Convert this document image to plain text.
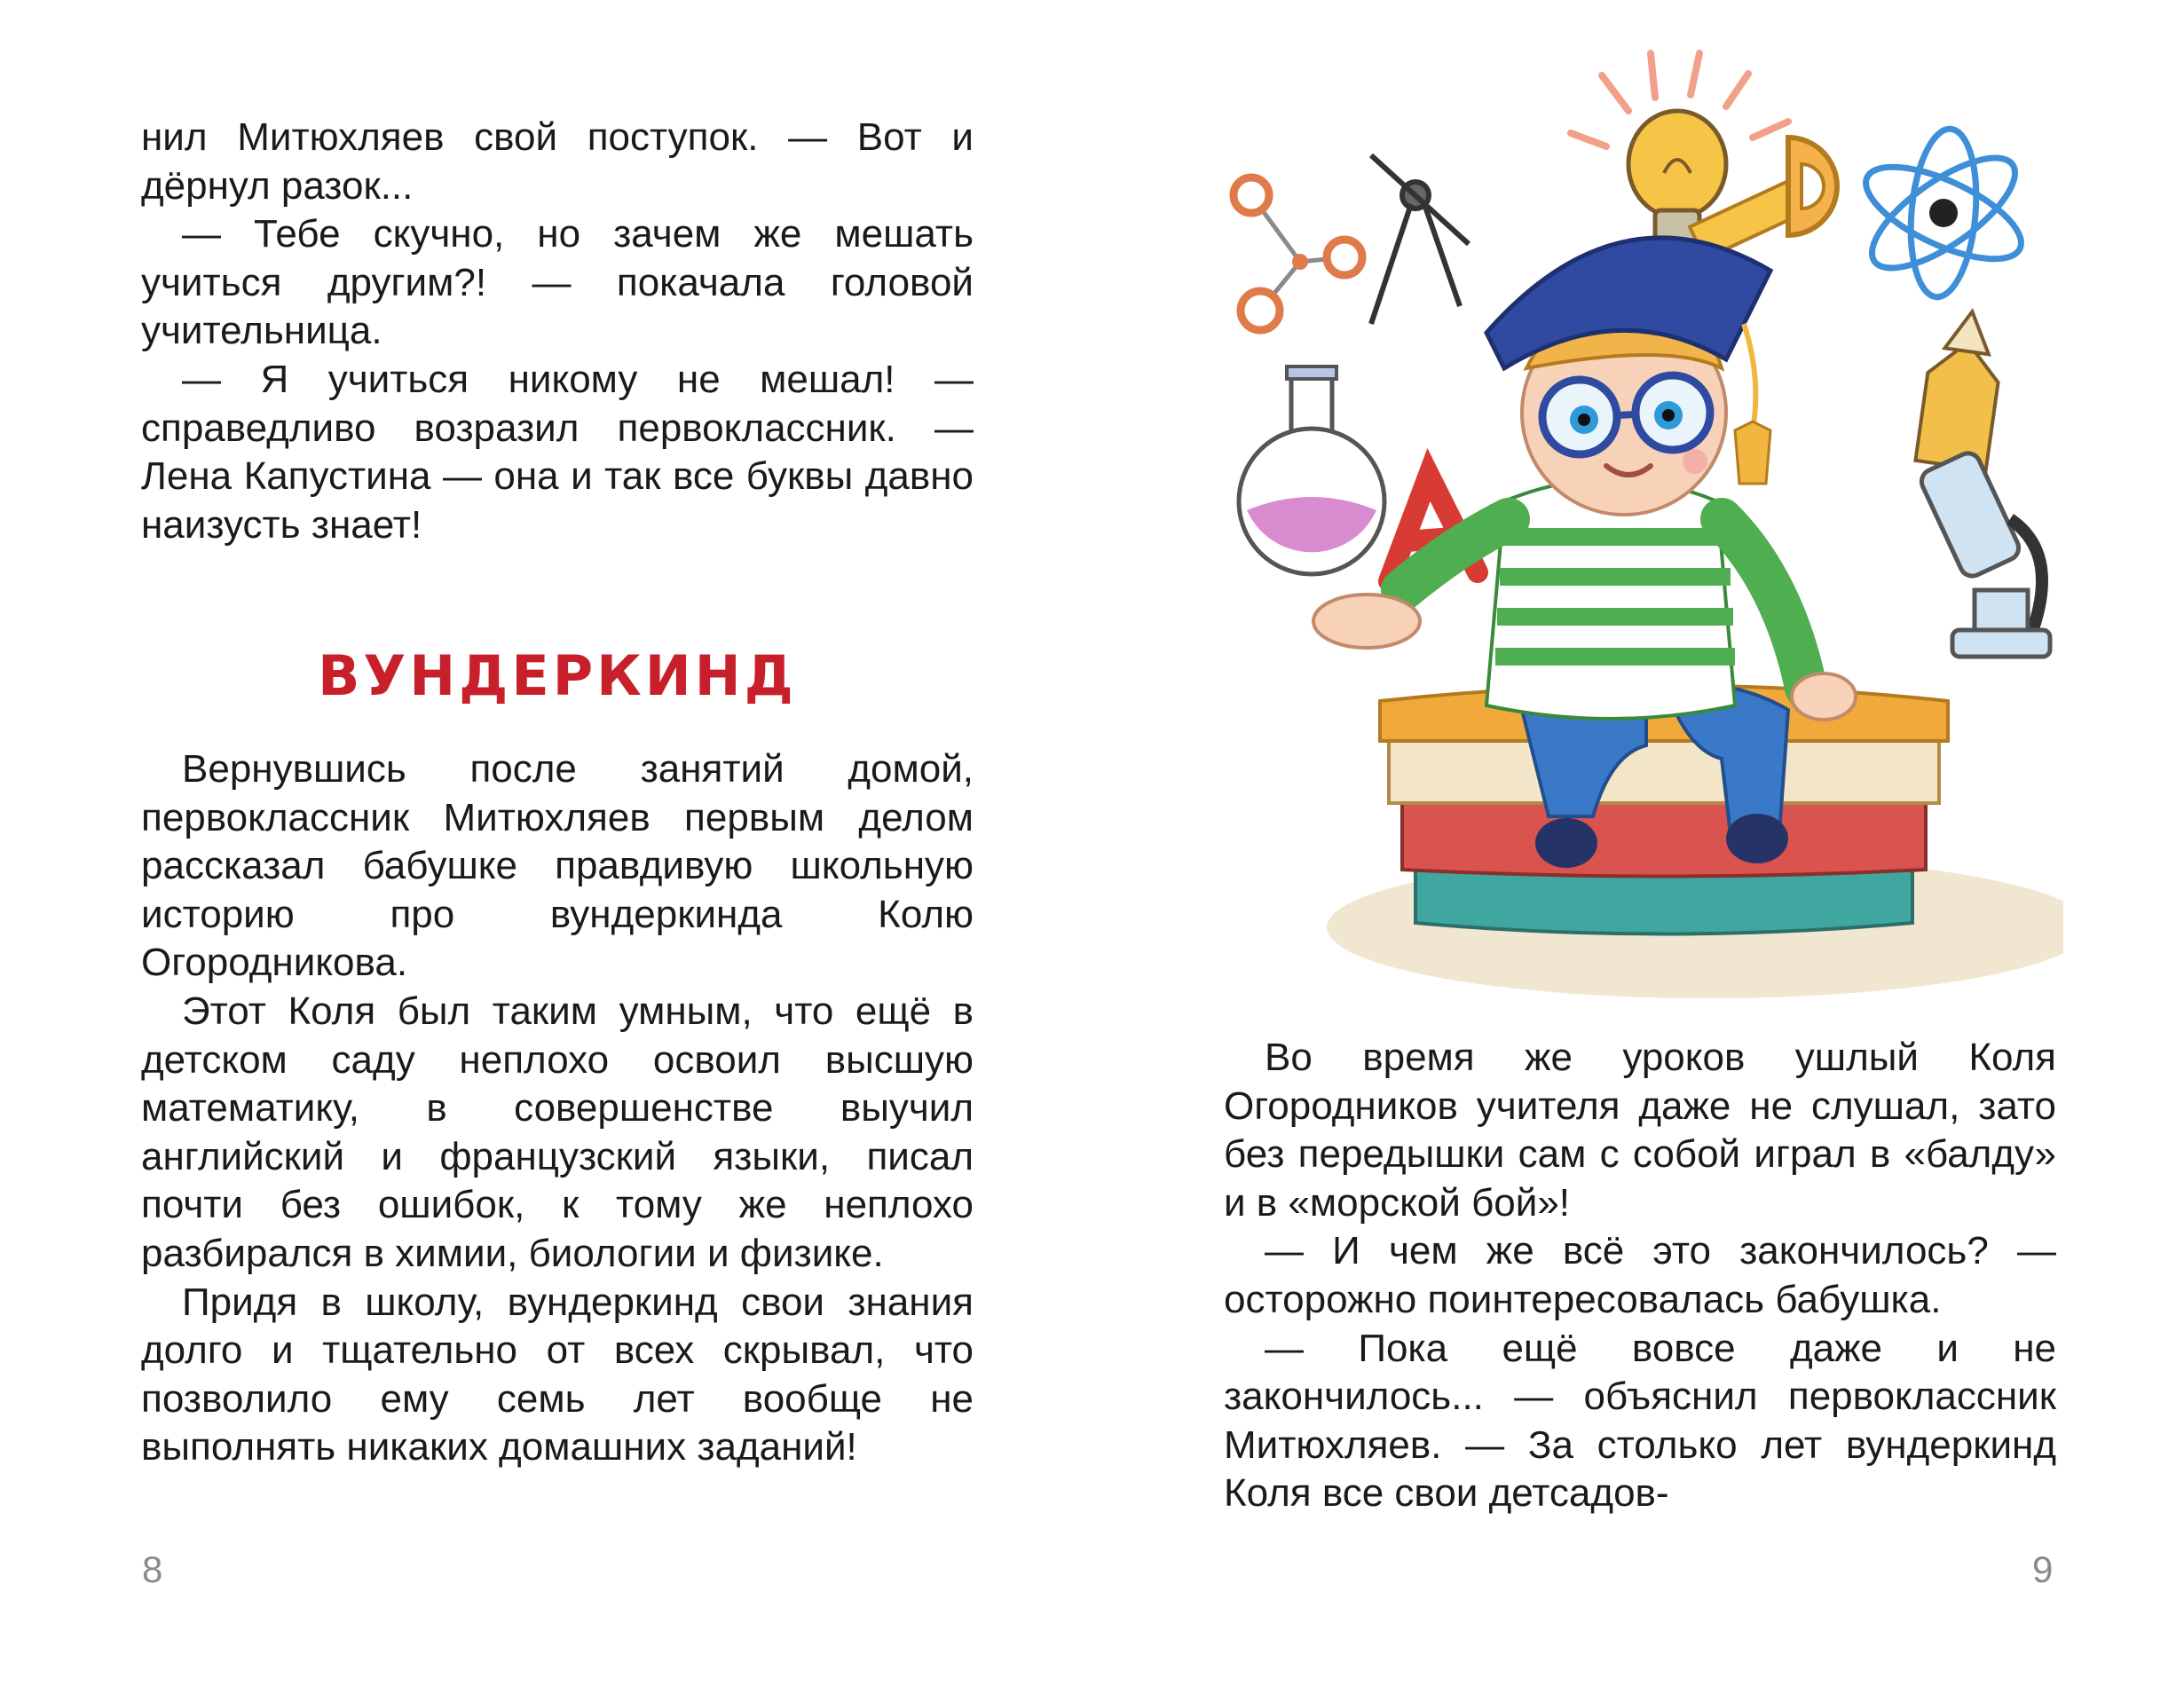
нил Митюхляев свой поступок. — Вот и дёрнул разок...

— Тебе скучно, но зачем же мешать учиться другим?! — покачала головой учительница.

— Я учиться никому не мешал! — справедливо возразил первоклассник. — Лена Капустина — она и так все буквы давно наизусть знает!

ВУНДЕРКИНД

Вернувшись после занятий домой, первоклассник Митюхляев первым делом рассказал бабушке правдивую школьную историю про вундеркинда Колю Огородникова.

Этот Коля был таким умным, что ещё в детском саду неплохо освоил высшую математику, в совершенстве выучил английский и французский языки, писал почти без ошибок, к тому же неплохо разбирался в химии, биологии и физике.

Придя в школу, вундеркинд свои знания долго и тщательно от всех скрывал, что позволило ему семь лет вообще не выполнять никаких домашних заданий!

8

Во время же уроков ушлый Коля Огородников учителя даже не слушал, зато без передышки сам с собой играл в «балду» и в «морской бой»!

— И чем же всё это закончилось? — осторожно поинтересовалась бабушка.

— Пока ещё вовсе даже и не закончилось... — объяснил первоклассник Митюхляев. — За столько лет вундеркинд Коля все свои детсадов-

9
